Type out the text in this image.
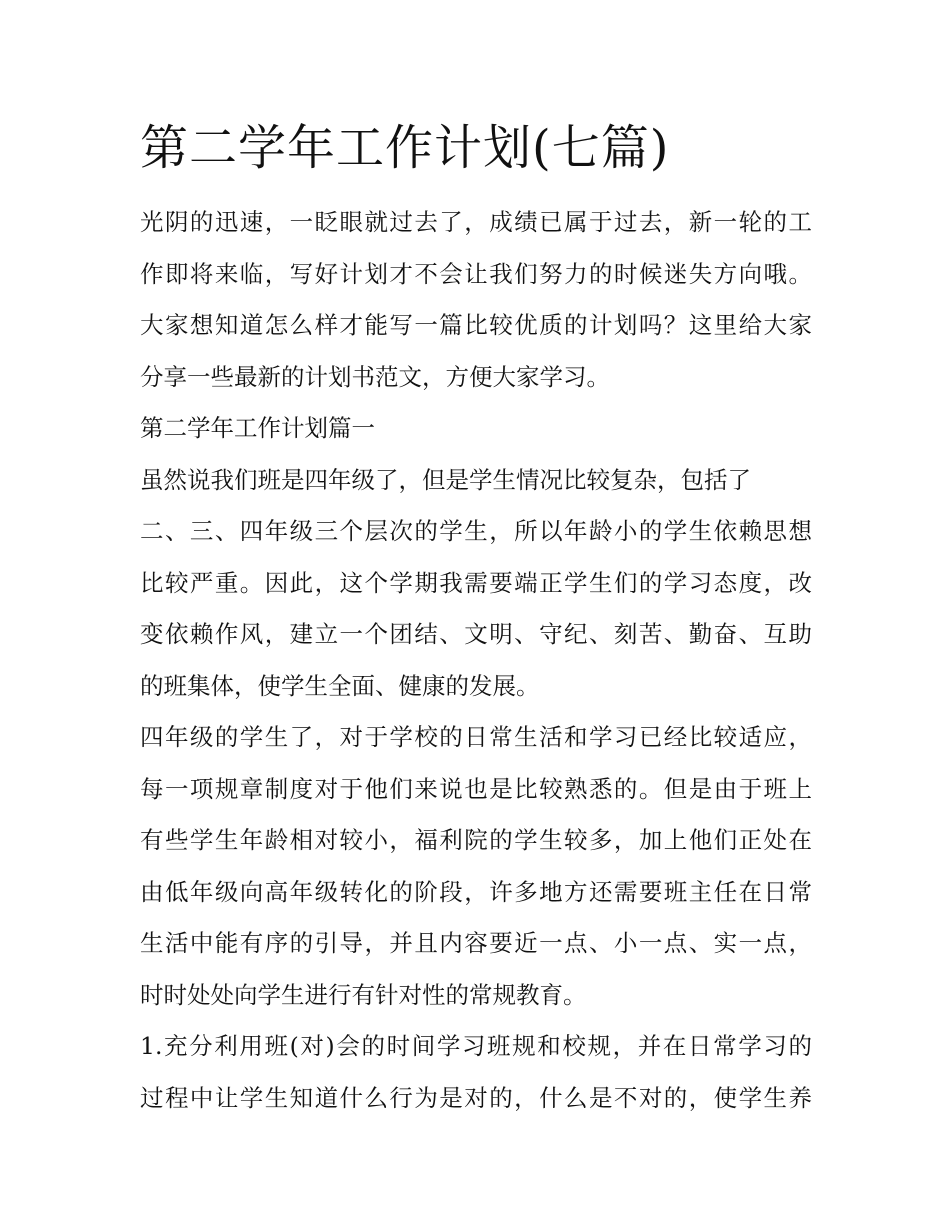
第二学年工作计划(七篇)

光阴的迅速，一眨眼就过去了，成绩已属于过去，新一轮的工

作即将来临，写好计划才不会让我们努力的时候迷失方向哦。

大家想知道怎么样才能写一篇比较优质的计划吗？这里给大家

分享一些最新的计划书范文，方便大家学习。

第二学年工作计划篇一

虽然说我们班是四年级了，但是学生情况比较复杂，包括了

二、三、四年级三个层次的学生，所以年龄小的学生依赖思想

比较严重。因此，这个学期我需要端正学生们的学习态度，改

变依赖作风，建立一个团结、文明、守纪、刻苦、勤奋、互助

的班集体，使学生全面、健康的发展。

四年级的学生了，对于学校的日常生活和学习已经比较适应，

每一项规章制度对于他们来说也是比较熟悉的。但是由于班上

有些学生年龄相对较小，福利院的学生较多，加上他们正处在

由低年级向高年级转化的阶段，许多地方还需要班主任在日常

生活中能有序的引导，并且内容要近一点、小一点、实一点，

时时处处向学生进行有针对性的常规教育。

1.充分利用班(对)会的时间学习班规和校规，并在日常学习的

过程中让学生知道什么行为是对的，什么是不对的，使学生养
